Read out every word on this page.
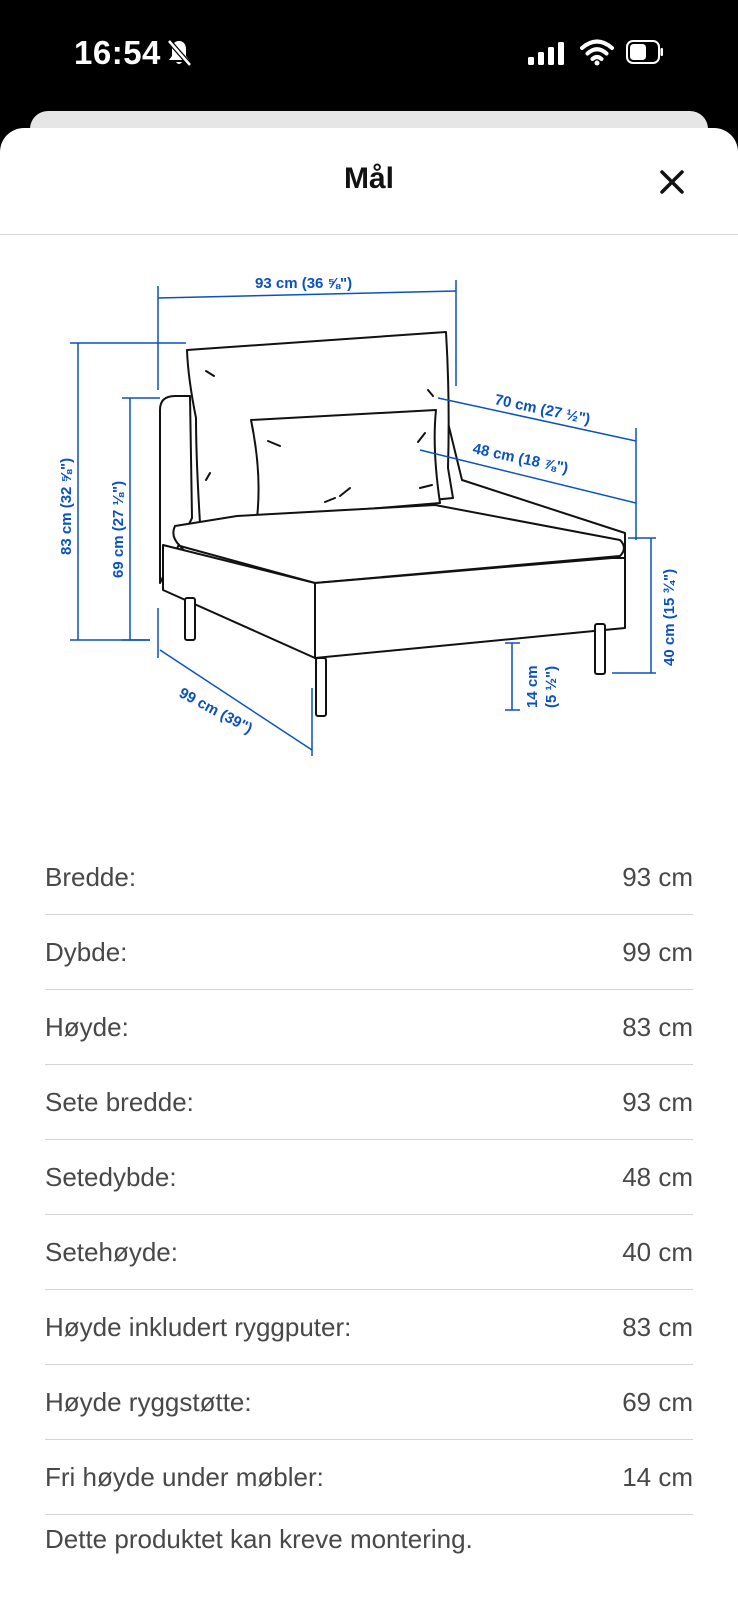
16:54
Mål
93 cm (36 ⅝")
70 cm (27 ½")
48 cm (18 ⅞")
83 cm (32 ⅝") 69 cm (27 ⅛")
40 cm (15 ¾")
14 cm (5 ½")
99 cm (39")
Bredde:	93 cm
Dybde:	99 cm
Høyde:	83 cm
Sete bredde:	93 cm
Setedybde:	48 cm
Setehøyde:	40 cm
Høyde inkludert ryggputer:	83 cm
Høyde ryggstøtte:	69 cm
Fri høyde under møbler:	14 cm
Dette produktet kan kreve montering.
